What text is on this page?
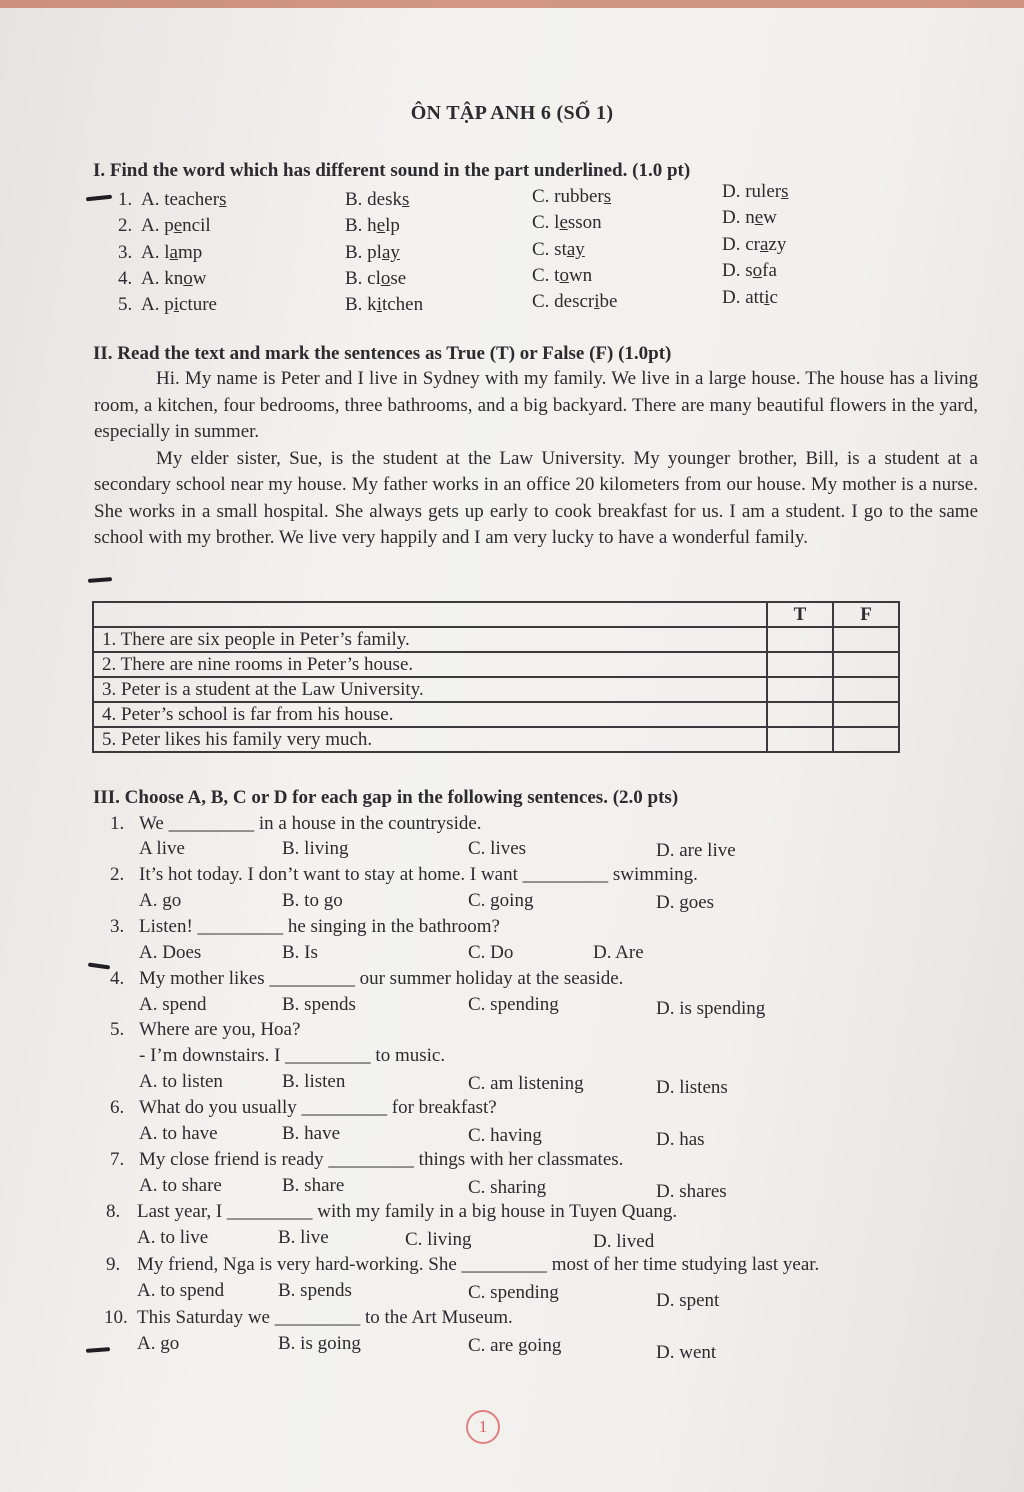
ÔN TẬP ANH 6 (SỐ 1)
I. Find the word which has different sound in the part underlined. (1.0 pt)
1. A. teachers	B. desks	C. rubbers	D. rulers
2. A. pencil	B. help	C. lesson	D. new
3. A. lamp	B. play	C. stay	D. crazy
4. A. know	B. close	C. town	D. sofa
5. A. picture	B. kitchen	C. describe	D. attic
II. Read the text and mark the sentences as True (T) or False (F) (1.0pt)

Hi. My name is Peter and I live in Sydney with my family. We live in a large house. The house has a living room, a kitchen, four bedrooms, three bathrooms, and a big backyard. There are many beautiful flowers in the yard, especially in summer.

My elder sister, Sue, is the student at the Law University. My younger brother, Bill, is a student at a secondary school near my house. My father works in an office 20 kilometers from our house. My mother is a nurse. She works in a small hospital. She always gets up early to cook breakfast for us. I am a student. I go to the same school with my brother. We live very happily and I am very lucky to have a wonderful family.

	T	F
1. There are six people in Peter’s family.		
2. There are nine rooms in Peter’s house.		
3. Peter is a student at the Law University.		
4. Peter’s school is far from his house.		
5. Peter likes his family very much.		
III. Choose A, B, C or D for each gap in the following sentences. (2.0 pts)
1. We _________ in a house in the countryside.
A live	B. living	C. lives	D. are live
2. It’s hot today. I don’t want to stay at home. I want _________ swimming.
A. go	B. to go	C. going	D. goes
3. Listen! _________ he singing in the bathroom?
A. Does	B. Is	C. Do	D. Are
4. My mother likes _________ our summer holiday at the seaside.
A. spend	B. spends	C. spending	D. is spending
5. Where are you, Hoa?
- I’m downstairs. I _________ to music.
A. to listen	B. listen	C. am listening	D. listens
6. What do you usually _________ for breakfast?
A. to have	B. have	C. having	D. has
7. My close friend is ready _________ things with her classmates.
A. to share	B. share	C. sharing	D. shares
8. Last year, I _________ with my family in a big house in Tuyen Quang.
A. to live	B. live	C. living	D. lived
9. My friend, Nga is very hard-working. She _________ most of her time studying last year.
A. to spend	B. spends	C. spending	D. spent
10. This Saturday we _________ to the Art Museum.
A. go	B. is going	C. are going	D. went
1
